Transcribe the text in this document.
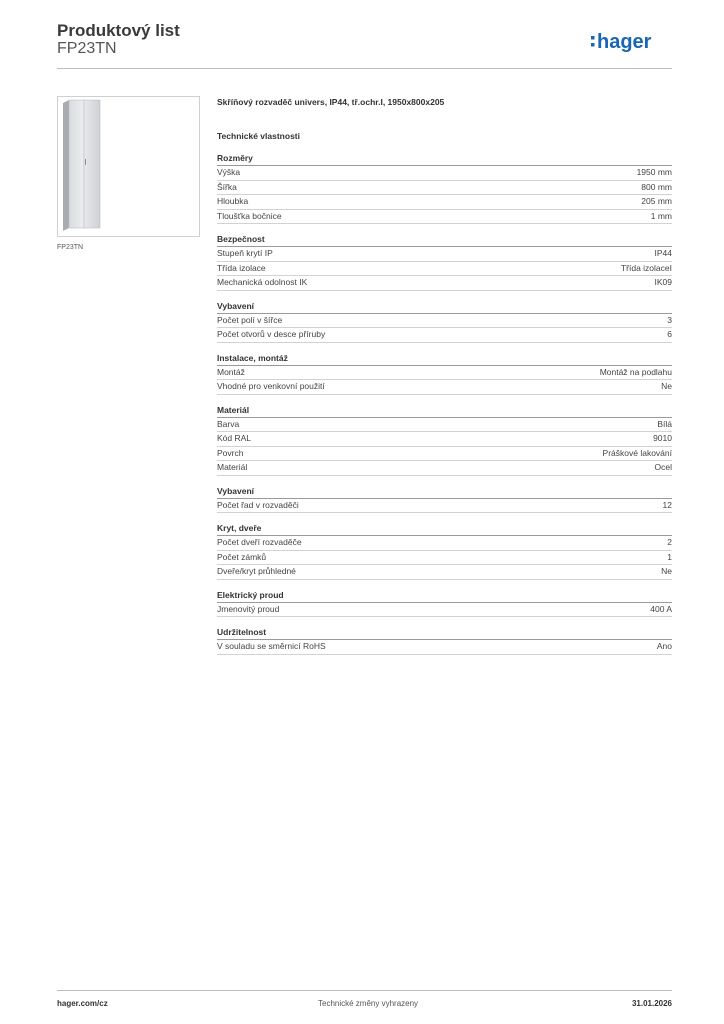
Produktový list
FP23TN	hager
FP23TN
Skříňový rozvaděč univers, IP44, tř.ochr.I, 1950x800x205
Technické vlastnosti
Rozměry
Výška	1950 mm
Šířka	800 mm
Hloubka	205 mm
Tloušťka bočnice	1 mm
Bezpečnost
Stupeň krytí IP	IP44
Třída izolace	Třída izolaceI
Mechanická odolnost IK	IK09
Vybavení
Počet polí v šířce	3
Počet otvorů v desce příruby	6
Instalace, montáž
Montáž	Montáž na podlahu
Vhodné pro venkovní použití	Ne
Materiál
Barva	Bílá
Kód RAL	9010
Povrch	Práškové lakování
Materiál	Ocel
Vybavení
Počet řad v rozvaděči	12
Kryt, dveře
Počet dveří rozvaděče	2
Počet zámků	1
Dveře/kryt průhledné	Ne
Elektrický proud
Jmenovitý proud	400 A
Udržitelnost
V souladu se směrnicí RoHS	Ano
hager.com/cz	Technické změny vyhrazeny	31.01.2026
